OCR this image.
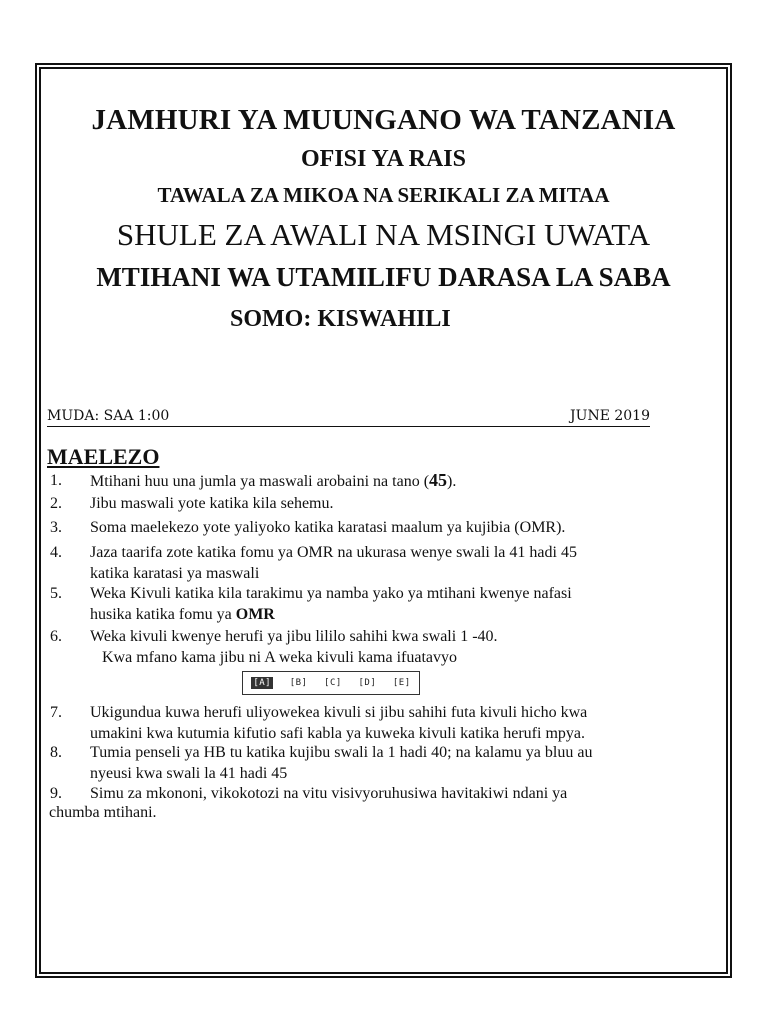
JAMHURI YA MUUNGANO WA TANZANIA
OFISI YA RAIS
TAWALA ZA MIKOA NA SERIKALI ZA MITAA
SHULE ZA AWALI NA MSINGI UWATA
MTIHANI WA UTAMILIFU DARASA LA SABA
SOMO: KISWAHILI
MUDA: SAA 1:00	JUNE 2019
MAELEZO
1. Mtihani huu una jumla ya maswali arobaini na tano (45).
2. Jibu maswali yote katika kila sehemu.
3. Soma maelekezo yote yaliyoko katika karatasi maalum ya kujibia (OMR).
4. Jaza taarifa zote katika fomu ya OMR na ukurasa wenye swali la 41 hadi 45
katika karatasi ya maswali
5. Weka Kivuli katika kila tarakimu ya namba yako ya mtihani kwenye nafasi
husika katika fomu ya OMR
6. Weka kivuli kwenye herufi ya jibu lililo sahihi kwa swali 1 -40.
Kwa mfano kama jibu ni A weka kivuli kama ifuatavyo
7. Ukigundua kuwa herufi uliyowekea kivuli si jibu sahihi futa kivuli hicho kwa
umakini kwa kutumia kifutio safi kabla ya kuweka kivuli katika herufi mpya.
8. Tumia penseli ya HB tu katika kujibu swali la 1 hadi 40; na kalamu ya bluu au
nyeusi kwa swali la 41 hadi 45
9. Simu za mkononi, vikokotozi na vitu visivyoruhusiwa havitakiwi ndani ya
[A] [B] [C] [D] [E]
chumba mtihani.
